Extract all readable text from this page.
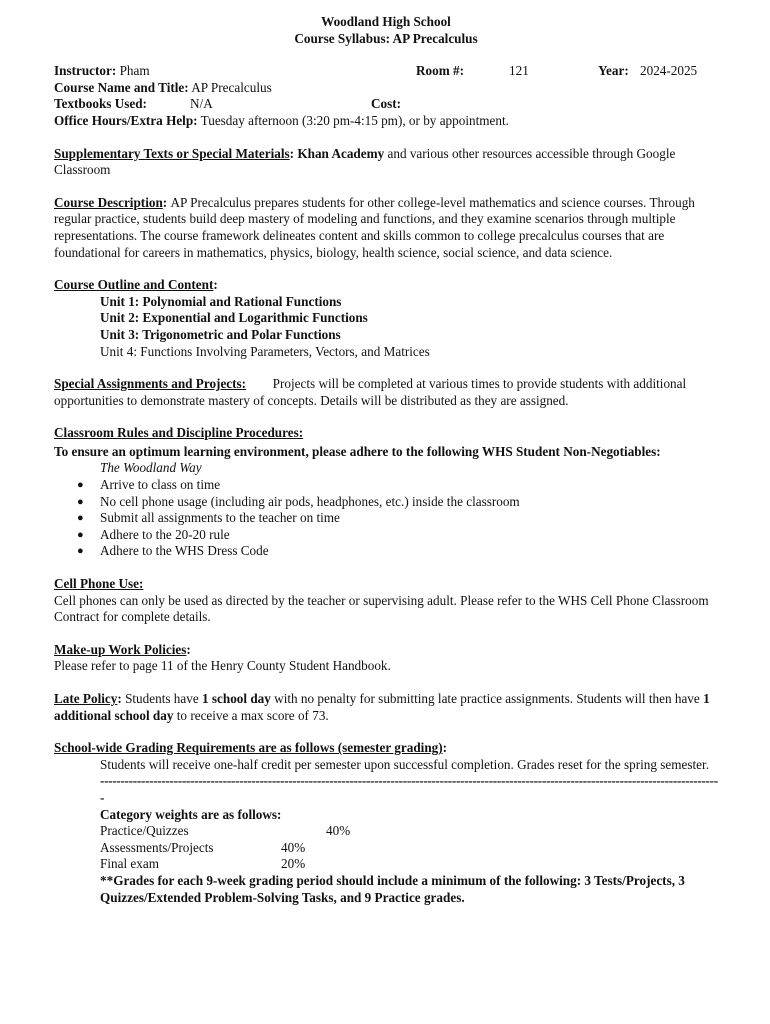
Woodland High School
Course Syllabus: AP Precalculus
Instructor: Pham	Room #:	121	Year: 2024-2025
Course Name and Title: AP Precalculus
Textbooks Used:	N/A	Cost:
Office Hours/Extra Help: Tuesday afternoon (3:20 pm-4:15 pm), or by appointment.
Supplementary Texts or Special Materials: Khan Academy and various other resources accessible through Google Classroom
Course Description: AP Precalculus prepares students for other college-level mathematics and science courses. Through regular practice, students build deep mastery of modeling and functions, and they examine scenarios through multiple representations. The course framework delineates content and skills common to college precalculus courses that are foundational for careers in mathematics, physics, biology, health science, social science, and data science.
Course Outline and Content:
Unit 1: Polynomial and Rational Functions
Unit 2: Exponential and Logarithmic Functions
Unit 3: Trigonometric and Polar Functions
Unit 4: Functions Involving Parameters, Vectors, and Matrices
Special Assignments and Projects: Projects will be completed at various times to provide students with additional opportunities to demonstrate mastery of concepts. Details will be distributed as they are assigned.
Classroom Rules and Discipline Procedures:
To ensure an optimum learning environment, please adhere to the following WHS Student Non-Negotiables:
The Woodland Way
● Arrive to class on time
● No cell phone usage (including air pods, headphones, etc.) inside the classroom
● Submit all assignments to the teacher on time
● Adhere to the 20-20 rule
● Adhere to the WHS Dress Code
Cell Phone Use:
Cell phones can only be used as directed by the teacher or supervising adult. Please refer to the WHS Cell Phone Classroom Contract for complete details.
Make-up Work Policies:
Please refer to page 11 of the Henry County Student Handbook.
Late Policy: Students have 1 school day with no penalty for submitting late practice assignments. Students will then have 1 additional school day to receive a max score of 73.
School-wide Grading Requirements are as follows (semester grading):
Students will receive one-half credit per semester upon successful completion. Grades reset for the spring semester.
--------------------------------------------------------------------------------------------------------------------------------------------------------
Category weights are as follows:
Practice/Quizzes	40%
Assessments/Projects	40%
Final exam	20%
**Grades for each 9-week grading period should include a minimum of the following: 3 Tests/Projects, 3 Quizzes/Extended Problem-Solving Tasks, and 9 Practice grades.
